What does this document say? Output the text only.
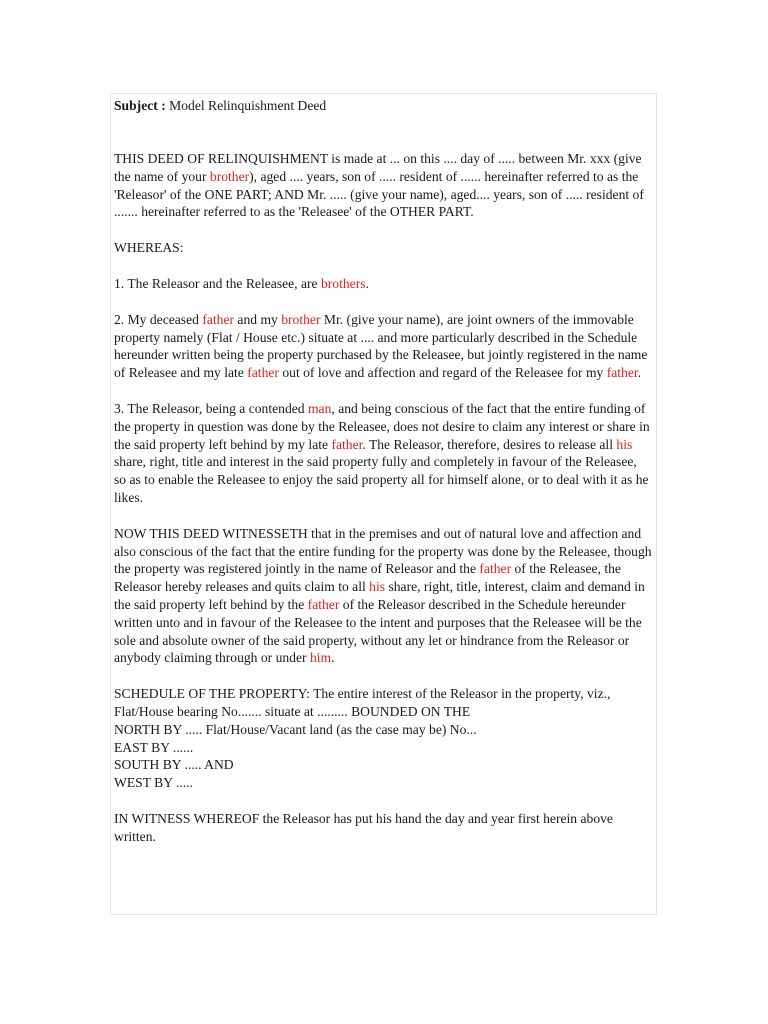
Subject : Model Relinquishment Deed

THIS DEED OF RELINQUISHMENT is made at ... on this .... day of ..... between Mr. xxx (give the name of your brother), aged .... years, son of ..... resident of ...... hereinafter referred to as the 'Releasor' of the ONE PART; AND Mr. ..... (give your name), aged.... years, son of ..... resident of ....... hereinafter referred to as the 'Releasee' of the OTHER PART.

WHEREAS:

1. The Releasor and the Releasee, are brothers.

2. My deceased father and my brother Mr. (give your name), are joint owners of the immovable property namely (Flat / House etc.) situate at .... and more particularly described in the Schedule hereunder written being the property purchased by the Releasee, but jointly registered in the name of Releasee and my late father out of love and affection and regard of the Releasee for my father.

3. The Releasor, being a contended man, and being conscious of the fact that the entire funding of the property in question was done by the Releasee, does not desire to claim any interest or share in the said property left behind by my late father. The Releasor, therefore, desires to release all his share, right, title and interest in the said property fully and completely in favour of the Releasee, so as to enable the Releasee to enjoy the said property all for himself alone, or to deal with it as he likes.

NOW THIS DEED WITNESSETH that in the premises and out of natural love and affection and also conscious of the fact that the entire funding for the property was done by the Releasee, though the property was registered jointly in the name of Releasor and the father of the Releasee, the Releasor hereby releases and quits claim to all his share, right, title, interest, claim and demand in the said property left behind by the father of the Releasor described in the Schedule hereunder written unto and in favour of the Releasee to the intent and purposes that the Releasee will be the sole and absolute owner of the said property, without any let or hindrance from the Releasor or anybody claiming through or under him.

SCHEDULE OF THE PROPERTY: The entire interest of the Releasor in the property, viz., Flat/House bearing No....... situate at ......... BOUNDED ON THE

NORTH BY ..... Flat/House/Vacant land (as the case may be) No...

EAST BY ......

SOUTH BY ..... AND

WEST BY .....

IN WITNESS WHEREOF the Releasor has put his hand the day and year first herein above written.
